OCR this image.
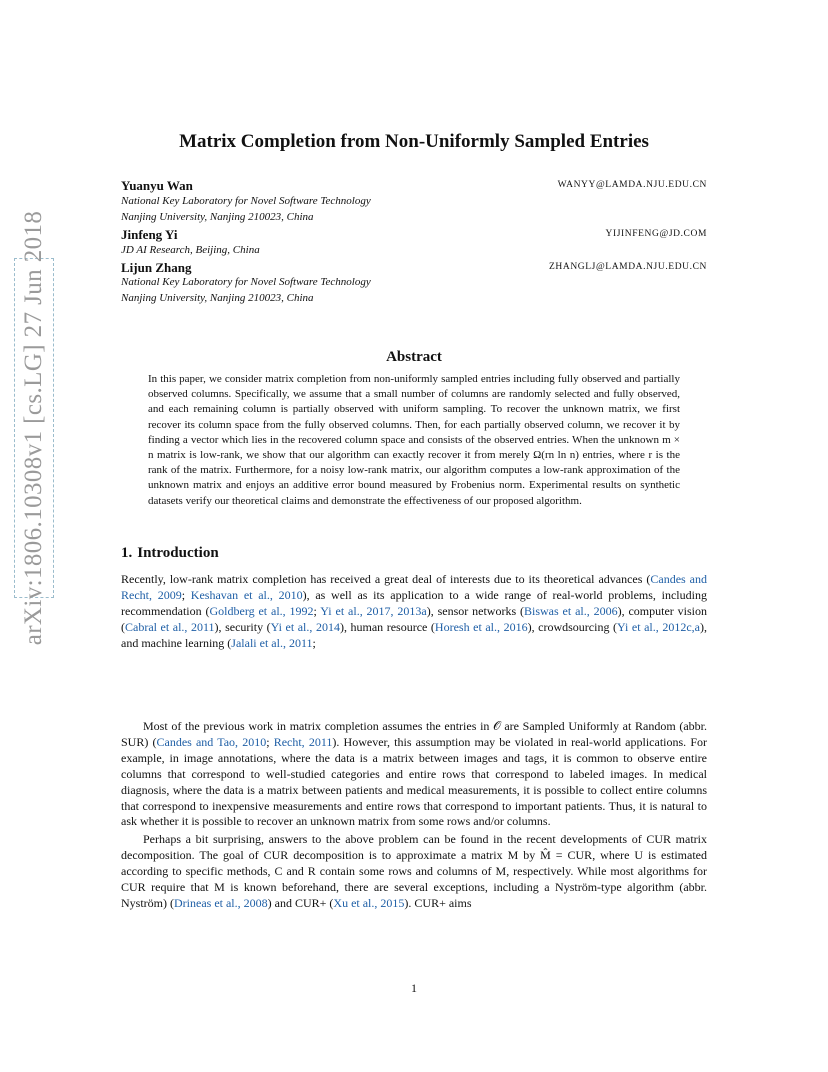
arXiv:1806.10308v1 [cs.LG] 27 Jun 2018
Matrix Completion from Non-Uniformly Sampled Entries
Yuanyu Wan	WANYY@LAMDA.NJU.EDU.CN
National Key Laboratory for Novel Software Technology
Nanjing University, Nanjing 210023, China
Jinfeng Yi	YIJINFENG@JD.COM
JD AI Research, Beijing, China
Lijun Zhang	ZHANGLJ@LAMDA.NJU.EDU.CN
National Key Laboratory for Novel Software Technology
Nanjing University, Nanjing 210023, China
Abstract
In this paper, we consider matrix completion from non-uniformly sampled entries including fully observed and partially observed columns. Specifically, we assume that a small number of columns are randomly selected and fully observed, and each remaining column is partially observed with uniform sampling. To recover the unknown matrix, we first recover its column space from the fully observed columns. Then, for each partially observed column, we recover it by finding a vector which lies in the recovered column space and consists of the observed entries. When the unknown m × n matrix is low-rank, we show that our algorithm can exactly recover it from merely Ω(rn ln n) entries, where r is the rank of the matrix. Furthermore, for a noisy low-rank matrix, our algorithm computes a low-rank approximation of the unknown matrix and enjoys an additive error bound measured by Frobenius norm. Experimental results on synthetic datasets verify our theoretical claims and demonstrate the effectiveness of our proposed algorithm.
1. Introduction

Recently, low-rank matrix completion has received a great deal of interests due to its theoretical advances (Candes and Recht, 2009; Keshavan et al., 2010), as well as its application to a wide range of real-world problems, including recommendation (Goldberg et al., 1992; Yi et al., 2017, 2013a), sensor networks (Biswas et al., 2006), computer vision (Cabral et al., 2011), security (Yi et al., 2014), human resource (Horesh et al., 2016), crowdsourcing (Yi et al., 2012c,a), and machine learning (Jalali et al., 2011;

Most of the previous work in matrix completion assumes the entries in 𝒪 are Sampled Uniformly at Random (abbr. SUR) (Candes and Tao, 2010; Recht, 2011). However, this assumption may be violated in real-world applications. For example, in image annotations, where the data is a matrix between images and tags, it is common to observe entire columns that correspond to well-studied categories and entire rows that correspond to labeled images. In medical diagnosis, where the data is a matrix between patients and medical measurements, it is possible to collect entire columns that correspond to inexpensive measurements and entire rows that correspond to important patients. Thus, it is natural to ask whether it is possible to recover an unknown matrix from some rows and/or columns.

Perhaps a bit surprising, answers to the above problem can be found in the recent developments of CUR matrix decomposition. The goal of CUR decomposition is to approximate a matrix M by M̂ = CUR, where U is estimated according to specific methods, C and R contain some rows and columns of M, respectively. While most algorithms for CUR require that M is known beforehand, there are several exceptions, including a Nyström-type algorithm (abbr. Nyström) (Drineas et al., 2008) and CUR+ (Xu et al., 2015). CUR+ aims

1
